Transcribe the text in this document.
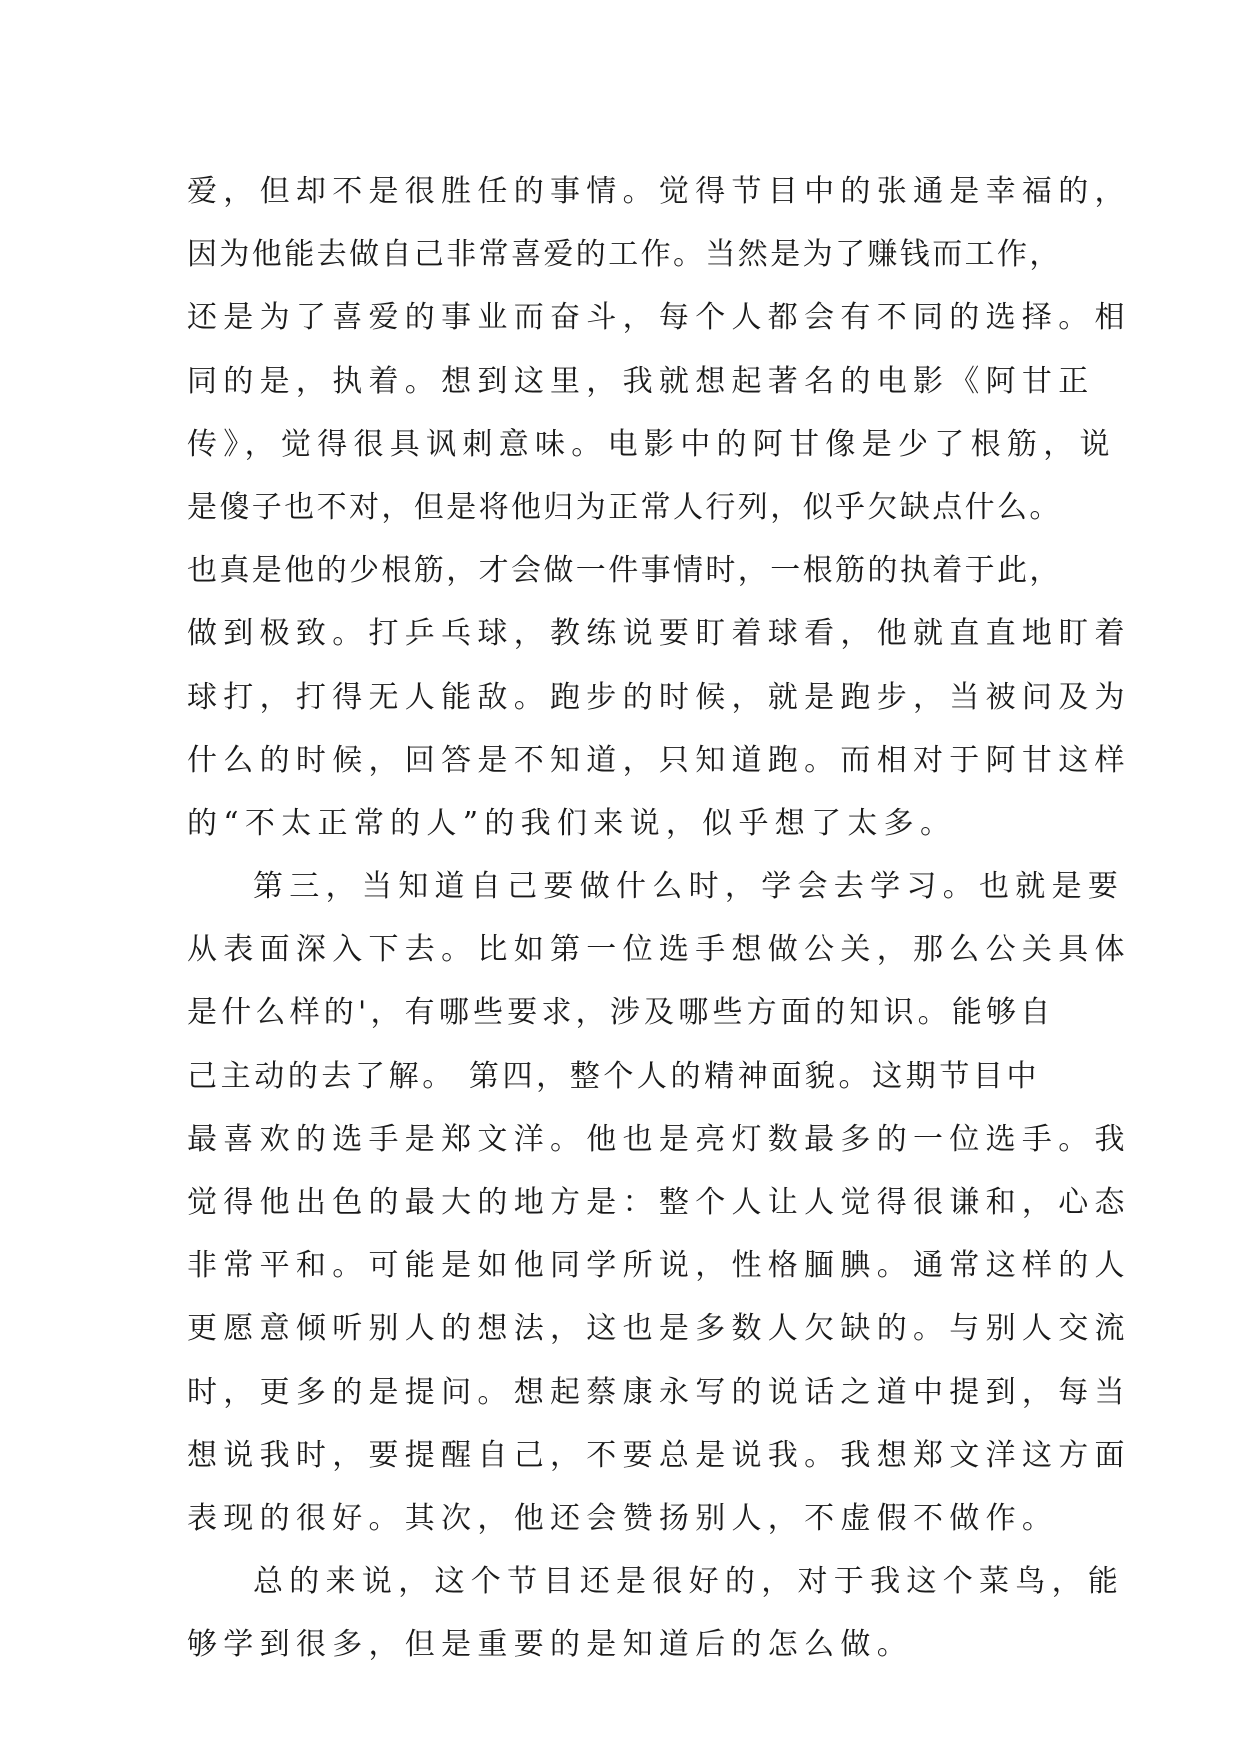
爱，但却不是很胜任的事情。觉得节目中的张通是幸福的，
因为他能去做自己非常喜爱的工作。当然是为了赚钱而工作，
还是为了喜爱的事业而奋斗，每个人都会有不同的选择。相
同的是，执着。想到这里，我就想起著名的电影《阿甘正
传》，觉得很具讽刺意味。电影中的阿甘像是少了根筋，说
是傻子也不对，但是将他归为正常人行列，似乎欠缺点什么。
也真是他的少根筋，才会做一件事情时，一根筋的执着于此，
做到极致。打乒乓球，教练说要盯着球看，他就直直地盯着
球打，打得无人能敌。跑步的时候，就是跑步，当被问及为
什么的时候，回答是不知道，只知道跑。而相对于阿甘这样
的“不太正常的人”的我们来说，似乎想了太多。
第三，当知道自己要做什么时，学会去学习。也就是要
从表面深入下去。比如第一位选手想做公关，那么公关具体
是什么样的'，有哪些要求，涉及哪些方面的知识。能够自
己主动的去了解。 第四，整个人的精神面貌。这期节目中
最喜欢的选手是郑文洋。他也是亮灯数最多的一位选手。我
觉得他出色的最大的地方是：整个人让人觉得很谦和，心态
非常平和。可能是如他同学所说，性格腼腆。通常这样的人
更愿意倾听别人的想法，这也是多数人欠缺的。与别人交流
时，更多的是提问。想起蔡康永写的说话之道中提到，每当
想说我时，要提醒自己，不要总是说我。我想郑文洋这方面
表现的很好。其次，他还会赞扬别人，不虚假不做作。
总的来说，这个节目还是很好的，对于我这个菜鸟，能
够学到很多，但是重要的是知道后的怎么做。
